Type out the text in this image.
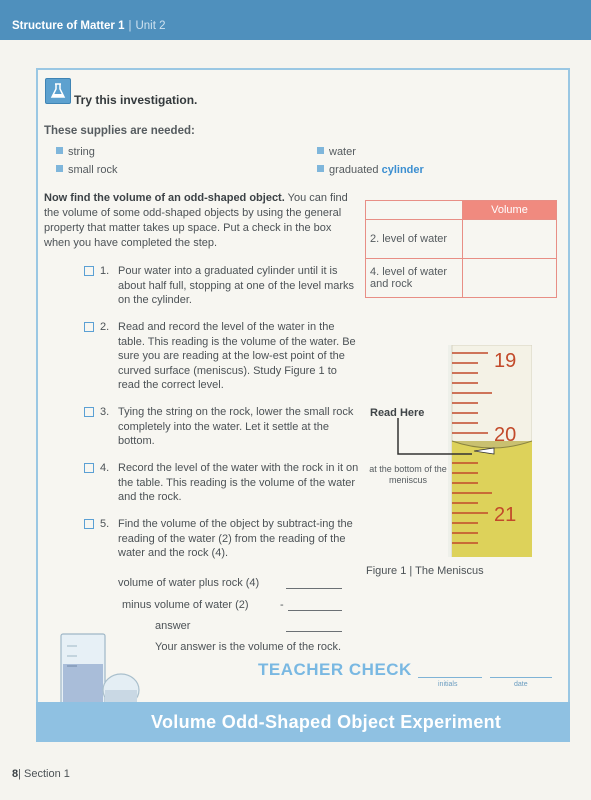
Structure of Matter 1 | Unit 2
Try this investigation.
These supplies are needed:
string
small rock
water
graduated cylinder
Now find the volume of an odd-shaped object. You can find the volume of some odd-shaped objects by using the general property that matter takes up space. Put a check in the box when you have completed the step.
	Volume
2. level of water	
4. level of water and rock	
1. Pour water into a graduated cylinder until it is about half full, stopping at one of the level marks on the cylinder.
2. Read and record the level of the water in the table. This reading is the volume of the water. Be sure you are reading at the low-est point of the curved surface (meniscus). Study Figure 1 to read the correct level.
3. Tying the string on the rock, lower the small rock completely into the water. Let it settle at the bottom.
4. Record the level of the water with the rock in it on the table. This reading is the volume of the water and the rock.
5. Find the volume of the object by subtract-ing the reading of the water (2) from the reading of the water and the rock (4).
volume of water plus rock (4)
minus volume of water (2)	-
answer
Your answer is the volume of the rock.
19
20
21
Read Here
at the bottom of the meniscus
Figure 1 | The Meniscus
TEACHER CHECK
initials	date
Volume Odd-Shaped Object Experiment
8| Section 1
